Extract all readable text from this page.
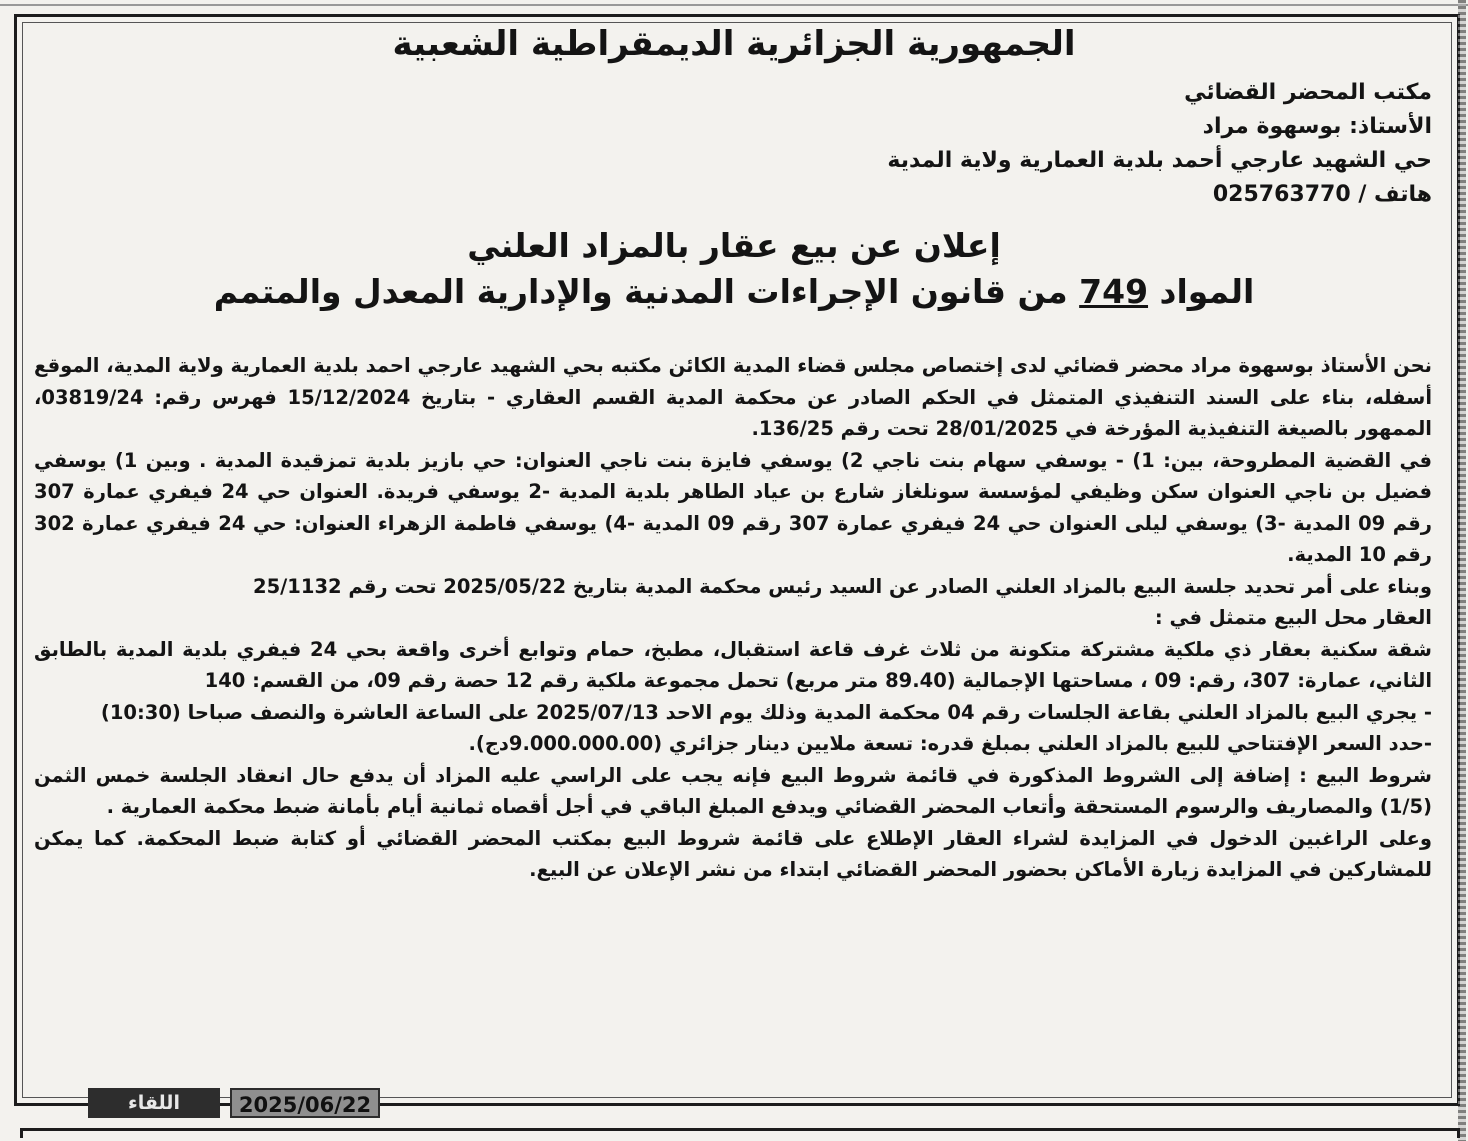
الجمهورية الجزائرية الديمقراطية الشعبية
مكتب المحضر القضائي
الأستاذ: بوسهوة مراد
حي الشهيد عارجي أحمد بلدية العمارية ولاية المدية
هاتف / 025763770
إعلان عن بيع عقار بالمزاد العلني
المواد 749 من قانون الإجراءات المدنية والإدارية المعدل والمتمم

نحن الأستاذ بوسهوة مراد محضر قضائي لدى إختصاص مجلس قضاء المدية الكائن مكتبه بحي الشهيد عارجي احمد بلدية العمارية ولاية المدية، الموقع أسفله، بناء على السند التنفيذي المتمثل في الحكم الصادر عن محكمة المدية القسم العقاري - بتاريخ 15/12/2024 فهرس رقم: 03819/24، الممهور بالصيغة التنفيذية المؤرخة في 28/01/2025 تحت رقم 136/25.

في القضية المطروحة، بين: 1) - يوسفي سهام بنت ناجي 2) يوسفي فايزة بنت ناجي العنوان: حي بازيز بلدية تمزقيدة المدية . وبين 1) يوسفي فضيل بن ناجي العنوان سكن وظيفي لمؤسسة سونلغاز شارع بن عياد الطاهر بلدية المدية -2 يوسفي فريدة. العنوان حي 24 فيفري عمارة 307 رقم 09 المدية -3) يوسفي ليلى العنوان حي 24 فيفري عمارة 307 رقم 09 المدية -4) يوسفي فاطمة الزهراء العنوان: حي 24 فيفري عمارة 302 رقم 10 المدية.

وبناء على أمر تحديد جلسة البيع بالمزاد العلني الصادر عن السيد رئيس محكمة المدية بتاريخ 2025/05/22 تحت رقم 25/1132

العقار محل البيع متمثل في :

شقة سكنية بعقار ذي ملكية مشتركة متكونة من ثلاث غرف قاعة استقبال، مطبخ، حمام وتوابع أخرى واقعة بحي 24 فيفري بلدية المدية بالطابق الثاني، عمارة: 307، رقم: 09 ، مساحتها الإجمالية (89.40 متر مربع) تحمل مجموعة ملكية رقم 12 حصة رقم 09، من القسم: 140

- يجري البيع بالمزاد العلني بقاعة الجلسات رقم 04 محكمة المدية وذلك يوم الاحد 2025/07/13 على الساعة العاشرة والنصف صباحا (10:30)

-حدد السعر الإفتتاحي للبيع بالمزاد العلني بمبلغ قدره: تسعة ملايين دينار جزائري (9.000.000.00دج).

شروط البيع : إضافة إلى الشروط المذكورة في قائمة شروط البيع فإنه يجب على الراسي عليه المزاد أن يدفع حال انعقاد الجلسة خمس الثمن (1/5) والمصاريف والرسوم المستحقة وأتعاب المحضر القضائي ويدفع المبلغ الباقي في أجل أقصاه ثمانية أيام بأمانة ضبط محكمة العمارية .

وعلى الراغبين الدخول في المزايدة لشراء العقار الإطلاع على قائمة شروط البيع بمكتب المحضر القضائي أو كتابة ضبط المحكمة. كما يمكن للمشاركين في المزايدة زيارة الأماكن بحضور المحضر القضائي ابتداء من نشر الإعلان عن البيع.

اللقاء	2025/06/22
